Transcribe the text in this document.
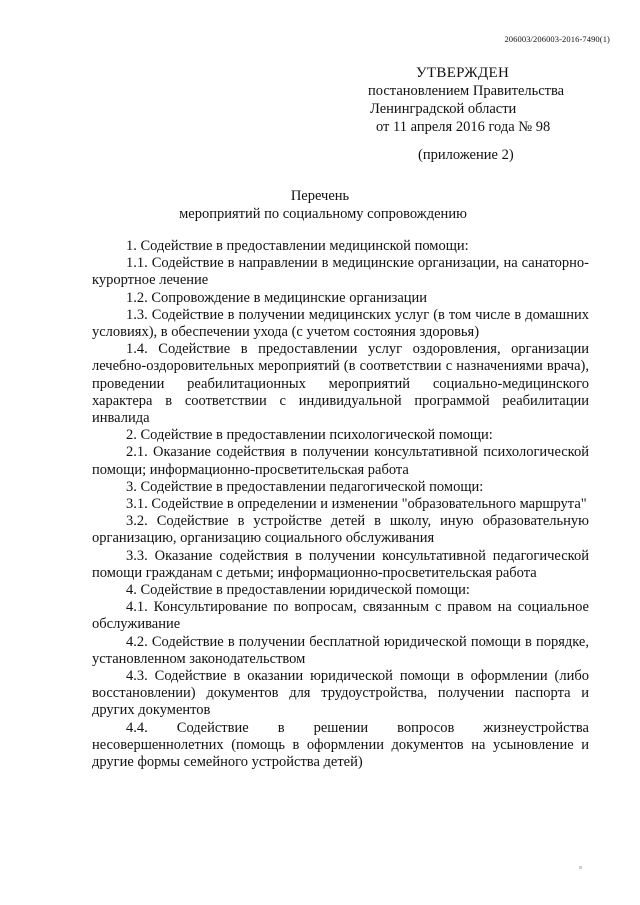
206003/206003-2016-7490(1)
УТВЕРЖДЕН
постановлением Правительства
Ленинградской области
от 11 апреля 2016 года № 98
(приложение 2)
Перечень
мероприятий по социальному сопровождению

1. Содействие в предоставлении медицинской помощи:

1.1. Содействие в направлении в медицинские организации, на санаторно-курортное лечение

1.2. Сопровождение в медицинские организации

1.3. Содействие в получении медицинских услуг (в том числе в домашних условиях), в обеспечении ухода (с учетом состояния здоровья)

1.4. Содействие в предоставлении услуг оздоровления, организации лечебно-оздоровительных мероприятий (в соответствии с назначениями врача), проведении реабилитационных мероприятий социально-медицинского характера в соответствии с индивидуальной программой реабилитации инвалида

2. Содействие в предоставлении психологической помощи:

2.1. Оказание содействия в получении консультативной психологической помощи; информационно-просветительская работа

3. Содействие в предоставлении педагогической помощи:

3.1. Содействие в определении и изменении "образовательного маршрута"

3.2. Содействие в устройстве детей в школу, иную образовательную организацию, организацию социального обслуживания

3.3. Оказание содействия в получении консультативной педагогической помощи гражданам с детьми; информационно-просветительская работа

4. Содействие в предоставлении юридической помощи:

4.1. Консультирование по вопросам, связанным с правом на социальное обслуживание

4.2. Содействие в получении бесплатной юридической помощи в порядке, установленном законодательством

4.3. Содействие в оказании юридической помощи в оформлении (либо восстановлении) документов для трудоустройства, получении паспорта и других документов

4.4. Содействие в решении вопросов жизнеустройства несовершеннолетних (помощь в оформлении документов на усыновление и другие формы семейного устройства детей)
